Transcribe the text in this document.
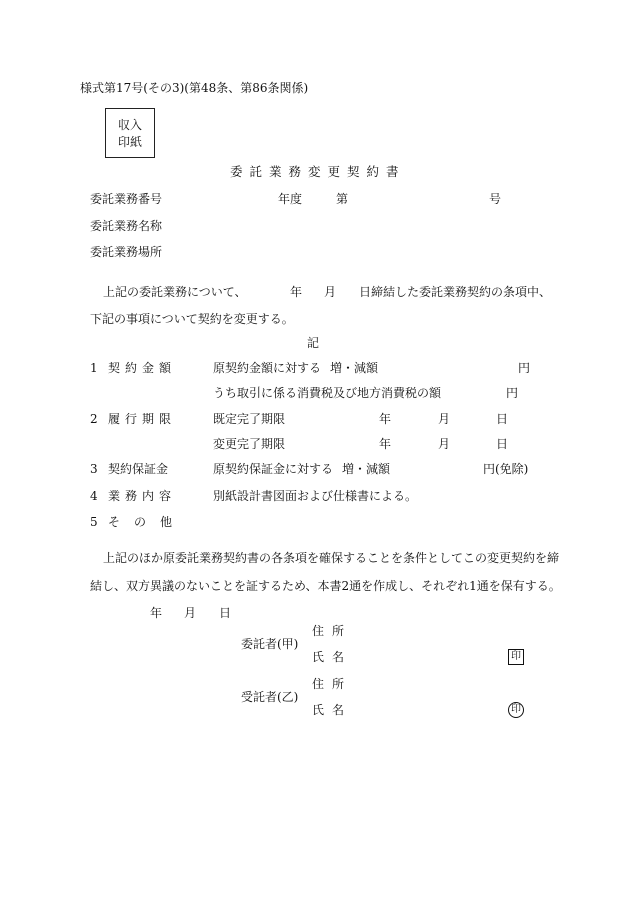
様式第17号(その3)(第48条、第86条関係)
収入
印紙
委託業務変更契約書
委託業務番号	年度	第	号
委託業務名称
委託業務場所
上記の委託業務について、	年 月 日締結した委託業務契約の条項中、
下記の事項について契約を変更する。
記
1 契約金額	原契約金額に対する 増・減額	円
うち取引に係る消費税及び地方消費税の額	円
2 履行期限	既定完了期限	年	月	日
変更完了期限	年	月	日
3 契約保証金	原契約保証金に対する 増・減額	円(免除)
4 業務内容	別紙設計書図面および仕様書による。
5 その他
上記のほか原委託業務契約書の各条項を確保することを条件としてこの変更契約を締
結し、双方異議のないことを証するため、本書2通を作成し、それぞれ1通を保有する。
年 月 日
住所
委託者(甲)
氏名	印
住所
受託者(乙)
氏名	印
